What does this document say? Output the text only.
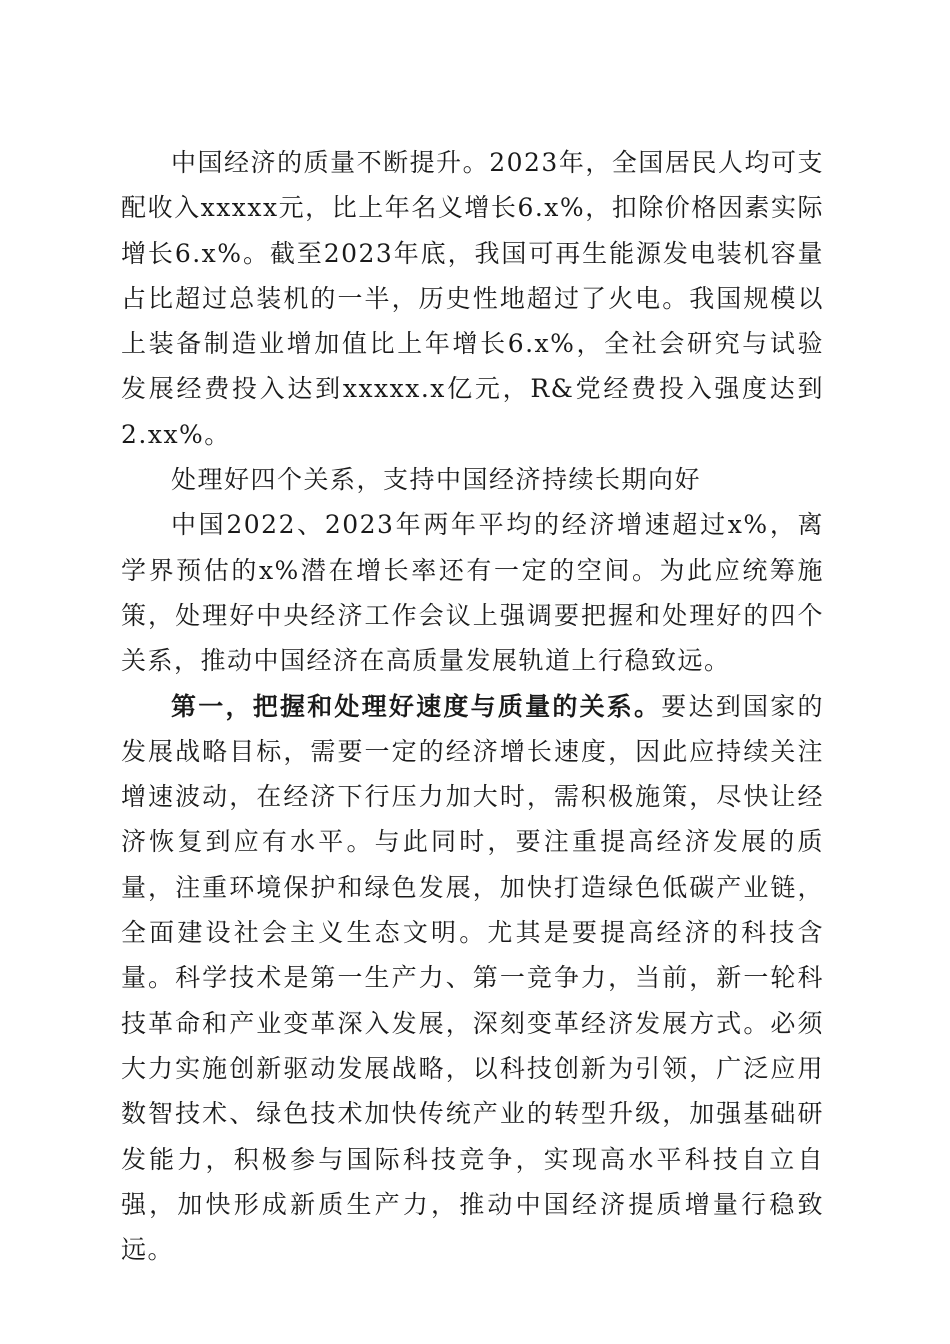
中国经济的质量不断提升。2023年，全国居民人均可支配收入xxxxx元，比上年名义增长6.x%，扣除价格因素实际增长6.x%。截至2023年底，我国可再生能源发电装机容量占比超过总装机的一半，历史性地超过了火电。我国规模以上装备制造业增加值比上年增长6.x%，全社会研究与试验发展经费投入达到xxxxx.x亿元，R&党经费投入强度达到2.xx%。

处理好四个关系，支持中国经济持续长期向好

中国2022、2023年两年平均的经济增速超过x%，离学界预估的x%潜在增长率还有一定的空间。为此应统筹施策，处理好中央经济工作会议上强调要把握和处理好的四个关系，推动中国经济在高质量发展轨道上行稳致远。

第一，把握和处理好速度与质量的关系。要达到国家的发展战略目标，需要一定的经济增长速度，因此应持续关注增速波动，在经济下行压力加大时，需积极施策，尽快让经济恢复到应有水平。与此同时，要注重提高经济发展的质量，注重环境保护和绿色发展，加快打造绿色低碳产业链，全面建设社会主义生态文明。尤其是要提高经济的科技含量。科学技术是第一生产力、第一竞争力，当前，新一轮科技革命和产业变革深入发展，深刻变革经济发展方式。必须大力实施创新驱动发展战略，以科技创新为引领，广泛应用数智技术、绿色技术加快传统产业的转型升级，加强基础研发能力，积极参与国际科技竞争，实现高水平科技自立自强，加快形成新质生产力，推动中国经济提质增量行稳致远。
